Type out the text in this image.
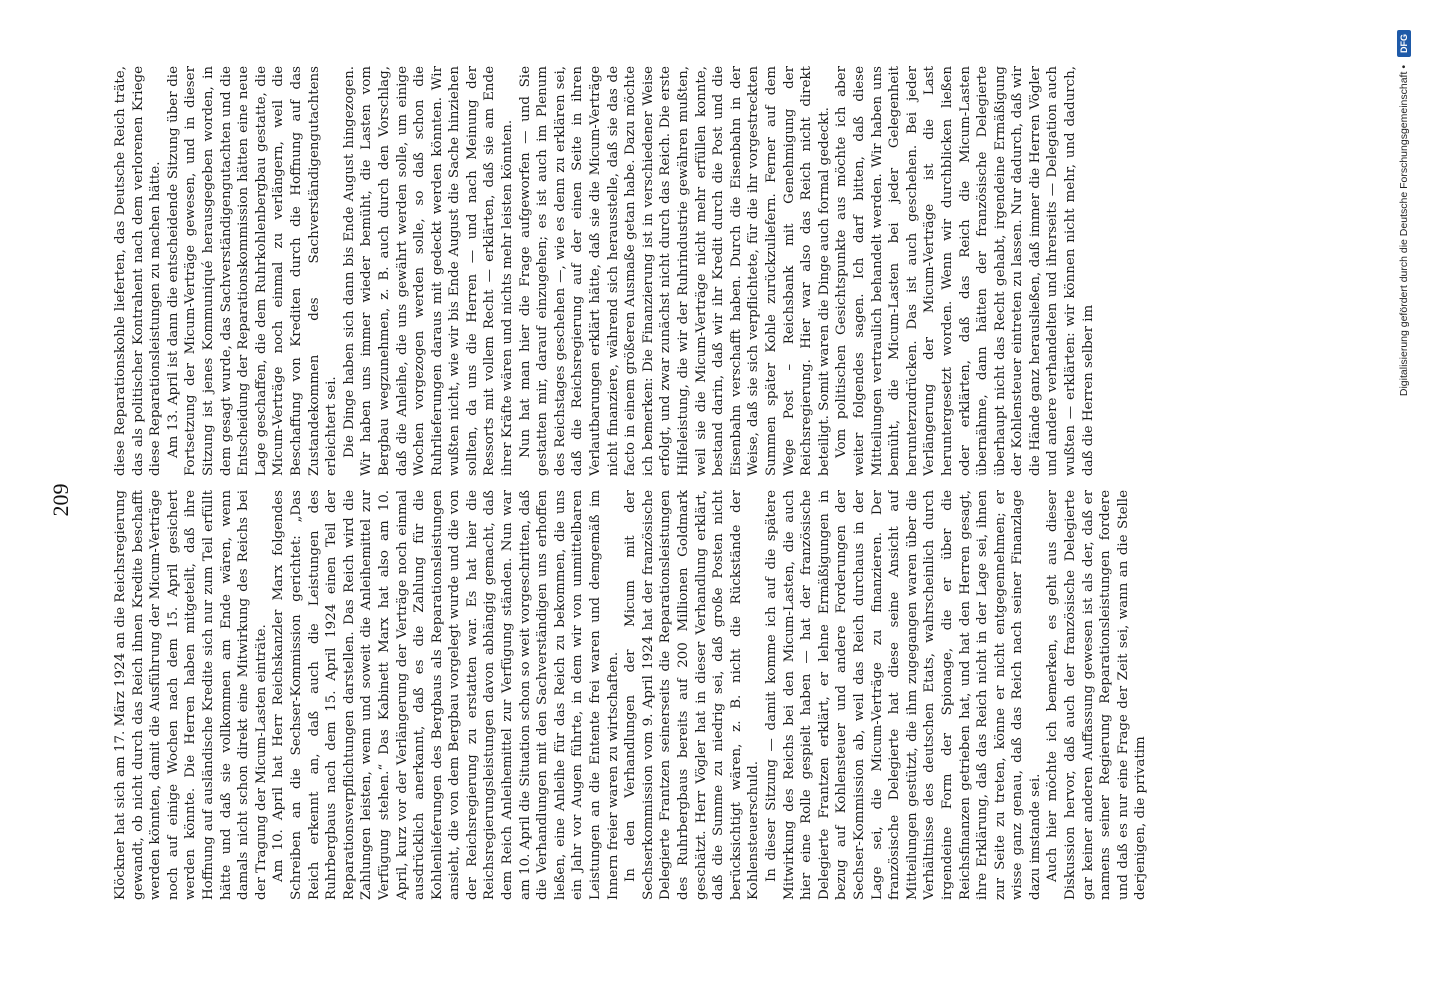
209	Klöckner hat sich am 17. März 1924 an die Reichsregierung gewandt, ob nicht durch das Reich ihnen Kredite beschafft werden könnten, damit die Ausführung der Micum-Verträge noch auf einige Wochen nach dem 15. April gesichert werden könnte. Die Herren haben mitgeteilt, daß ihre Hoffnung auf ausländische Kredite sich nur zum Teil erfüllt hätte und daß sie vollkommen am Ende wären, wenn damals nicht schon direkt eine Mitwirkung des Reichs bei der Tragung der Micum-Lasten einträte. Am 10. April hat Herr Reichskanzler Marx folgendes Schreiben an die Sechser-Kommission gerichtet: „Das Reich erkennt an, daß auch die Leistungen des Ruhrbergbaus nach dem 15. April 1924 einen Teil der Reparationsverpflichtungen darstellen. Das Reich wird die Zahlungen leisten, wenn und soweit die Anleihemittel zur Verfügung stehen.“ Das Kabinett Marx hat also am 10. April, kurz vor der Verlängerung der Verträge noch einmal ausdrücklich anerkannt, daß es die Zahlung für die Kohlenlieferungen des Bergbaus als Reparationsleistungen ansieht, die von dem Bergbau vorgelegt wurde und die von der Reichsregierung zu erstatten war. Es hat hier die Reichsregierungsleistungen davon abhängig gemacht, daß dem Reich Anleihemittel zur Verfügung ständen. Nun war am 10. April die Situation schon so weit vorgeschritten, daß die Verhandlungen mit den Sachverständigen uns erhoffen ließen, eine Anleihe für das Reich zu bekommen, die uns ein Jahr vor Augen führte, in dem wir von unmittelbaren Leistungen an die Entente frei waren und demgemäß im Innern freier waren zu wirtschaften. In den Verhandlungen der Micum mit der Sechserkommission vom 9. April 1924 hat der französische Delegierte Frantzen seinerseits die Reparationsleistungen des Ruhrbergbaus bereits auf 200 Millionen Goldmark geschätzt. Herr Vögler hat in dieser Verhandlung erklärt, daß die Summe zu niedrig sei, daß große Posten nicht berücksichtigt wären, z. B. nicht die Rückstände der Kohlensteuerschuld. In dieser Sitzung — damit komme ich auf die spätere Mitwirkung des Reichs bei den Micum-Lasten, die auch hier eine Rolle gespielt haben — hat der französische Delegierte Frantzen erklärt, er lehne Ermäßigungen in bezug auf Kohlensteuer und andere Forderungen der Sechser-Kommission ab, weil das Reich durchaus in der Lage sei, die Micum-Verträge zu finanzieren. Der französische Delegierte hat diese seine Ansicht auf Mitteilungen gestützt, die ihm zugegangen waren über die Verhältnisse des deutschen Etats, wahrscheinlich durch irgendeine Form der Spionage, die er über die Reichsfinanzen getrieben hat, und hat den Herren gesagt, ihre Erklärung, daß das Reich nicht in der Lage sei, ihnen zur Seite zu treten, könne er nicht entgegennehmen; er wisse ganz genau, daß das Reich nach seiner Finanzlage dazu imstande sei. Auch hier möchte ich bemerken, es geht aus dieser Diskussion hervor, daß auch der französische Delegierte gar keiner anderen Auffassung gewesen ist als der, daß er namens seiner Regierung Reparationsleistungen fordere und daß es nur eine Frage der Zeit sei, wann an die Stelle derjenigen, die privatim

diese Reparationskohle lieferten, das Deutsche Reich träte, das als politischer Kontrahent nach dem verlorenen Kriege diese Reparationsleistungen zu machen hätte. Am 13. April ist dann die entscheidende Sitzung über die Fortsetzung der Micum-Verträge gewesen, und in dieser Sitzung ist jenes Kommuniqué herausgegeben worden, in dem gesagt wurde, das Sachverständigengutachten und die Entscheidung der Reparationskommission hätten eine neue Lage geschaffen, die dem Ruhrkohlenbergbau gestatte, die Micum-Verträge noch einmal zu verlängern, weil die Beschaffung von Krediten durch die Hoffnung auf das Zustandekommen des Sachverständigengutachtens erleichtert sei. Die Dinge haben sich dann bis Ende August hingezogen. Wir haben uns immer wieder bemüht, die Lasten vom Bergbau wegzunehmen, z. B. auch durch den Vorschlag, daß die Anleihe, die uns gewährt werden solle, um einige Wochen vorgezogen werden solle, so daß schon die Ruhrlieferungen daraus mit gedeckt werden könnten. Wir wußten nicht, wie wir bis Ende August die Sache hinziehen sollten, da uns die Herren — und nach Meinung der Ressorts mit vollem Recht — erklärten, daß sie am Ende ihrer Kräfte wären und nichts mehr leisten könnten. Nun hat man hier die Frage aufgeworfen — und Sie gestatten mir, darauf einzugehen; es ist auch im Plenum des Reichstages geschehen —, wie es denn zu erklären sei, daß die Reichsregierung auf der einen Seite in ihren Verlautbarungen erklärt hätte, daß sie die Micum-Verträge nicht finanziere, während sich herausstelle, daß sie das de facto in einem größeren Ausmaße getan habe. Dazu möchte ich bemerken: Die Finanzierung ist in verschiedener Weise erfolgt, und zwar zunächst nicht durch das Reich. Die erste Hilfeleistung, die wir der Ruhrindustrie gewähren mußten, weil sie die Micum-Verträge nicht mehr erfüllen konnte, bestand darin, daß wir ihr Kredit durch die Post und die Eisenbahn verschafft haben. Durch die Eisenbahn in der Weise, daß sie sich verpflichtete, für die ihr vorgestreckten Summen später Kohle zurückzuliefern. Ferner auf dem Wege Post – Reichsbank mit Genehmigung der Reichsregierung. Hier war also das Reich nicht direkt beteiligt. Somit waren die Dinge auch formal gedeckt. Vom politischen Gesichtspunkte aus möchte ich aber weiter folgendes sagen. Ich darf bitten, daß diese Mitteilungen vertraulich behandelt werden. Wir haben uns bemüht, die Micum-Lasten bei jeder Gelegenheit herunterzudrücken. Das ist auch geschehen. Bei jeder Verlängerung der Micum-Verträge ist die Last heruntergesetzt worden. Wenn wir durchblicken ließen oder erklärten, daß das Reich die Micum-Lasten übernähme, dann hätten der französische Delegierte überhaupt nicht das Recht gehabt, irgendeine Ermäßigung der Kohlensteuer eintreten zu lassen. Nur dadurch, daß wir die Hände ganz herausließen, daß immer die Herren Vögler und andere verhandelten und ihrerseits — Delegation auch wußten — erklärten: wir können nicht mehr, und dadurch, daß die Herren selber im	Digitalisierung gefördert durch die Deutsche Forschungsgemeinschaft •
DFG
